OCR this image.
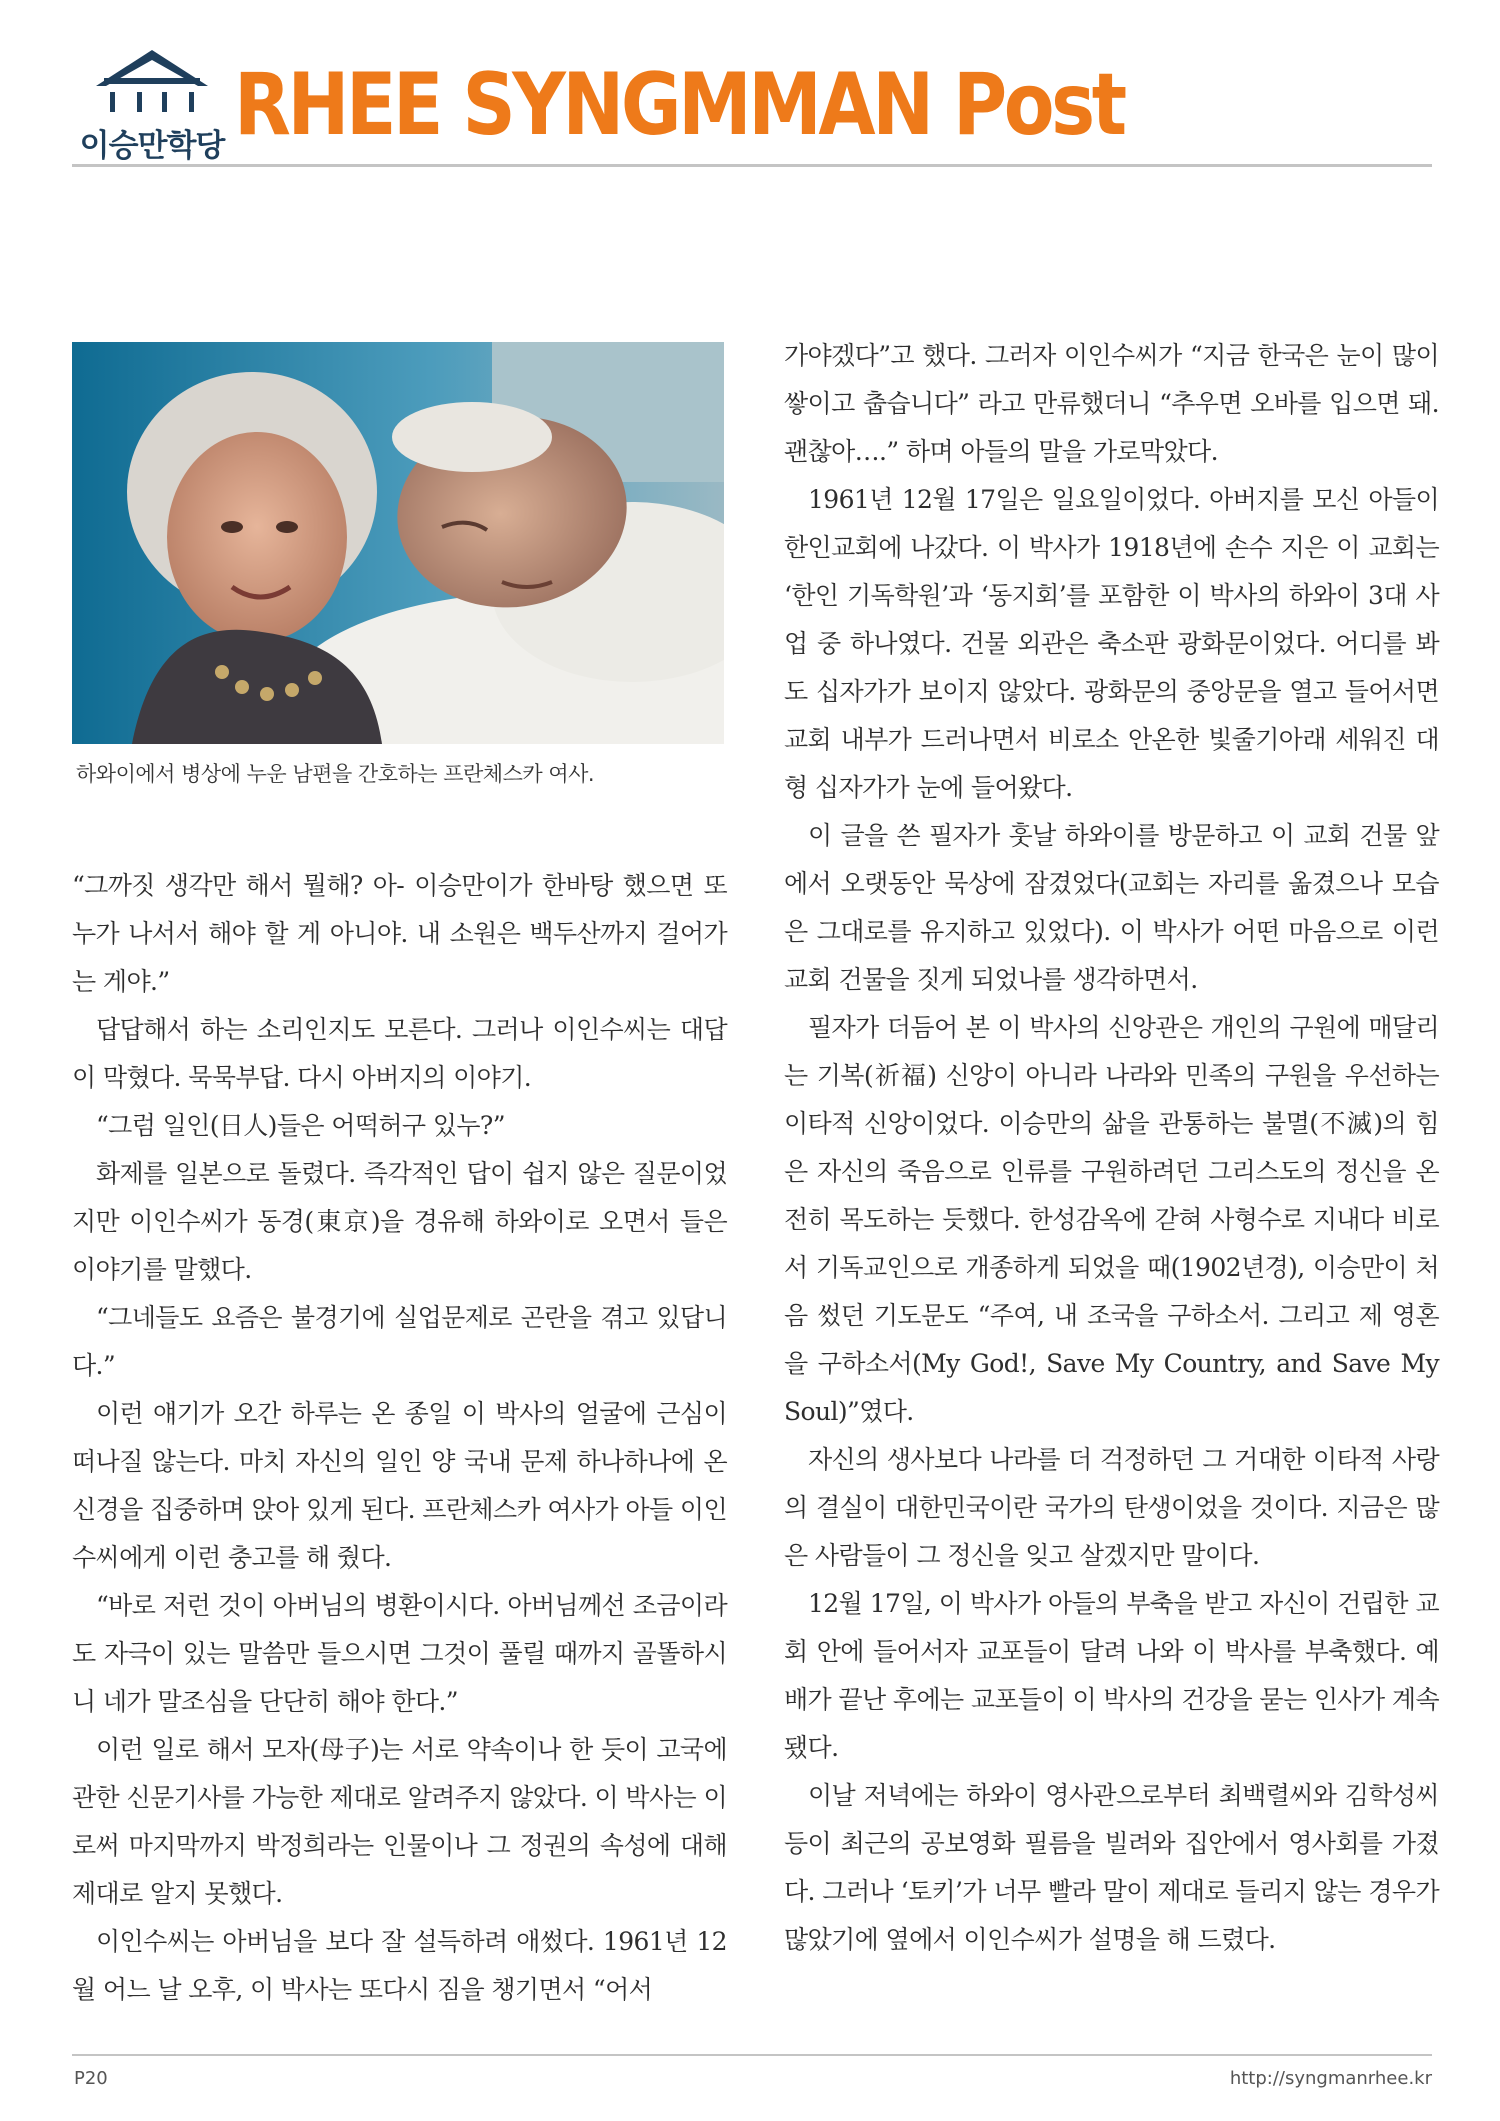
이승만학당 RHEE SYNGMMAN Post
하와이에서 병상에 누운 남편을 간호하는 프란체스카 여사.

“그까짓 생각만 해서 뭘해? 아- 이승만이가 한바탕 했으면 또 누가 나서서 해야 할 게 아니야. 내 소원은 백두산까지 걸어가는 게야.”

답답해서 하는 소리인지도 모른다. 그러나 이인수씨는 대답이 막혔다. 묵묵부답. 다시 아버지의 이야기.

“그럼 일인(日人)들은 어떡허구 있누?”

화제를 일본으로 돌렸다. 즉각적인 답이 쉽지 않은 질문이었지만 이인수씨가 동경(東京)을 경유해 하와이로 오면서 들은 이야기를 말했다.

“그네들도 요즘은 불경기에 실업문제로 곤란을 겪고 있답니다.”

이런 얘기가 오간 하루는 온 종일 이 박사의 얼굴에 근심이 떠나질 않는다. 마치 자신의 일인 양 국내 문제 하나하나에 온 신경을 집중하며 앉아 있게 된다. 프란체스카 여사가 아들 이인수씨에게 이런 충고를 해 줬다.

“바로 저런 것이 아버님의 병환이시다. 아버님께선 조금이라도 자극이 있는 말씀만 들으시면 그것이 풀릴 때까지 골똘하시니 네가 말조심을 단단히 해야 한다.”

이런 일로 해서 모자(母子)는 서로 약속이나 한 듯이 고국에 관한 신문기사를 가능한 제대로 알려주지 않았다. 이 박사는 이로써 마지막까지 박정희라는 인물이나 그 정권의 속성에 대해 제대로 알지 못했다.

이인수씨는 아버님을 보다 잘 설득하려 애썼다. 1961년 12월 어느 날 오후, 이 박사는 또다시 짐을 챙기면서 “어서

가야겠다”고 했다. 그러자 이인수씨가 “지금 한국은 눈이 많이 쌓이고 춥습니다” 라고 만류했더니 “추우면 오바를 입으면 돼. 괜찮아….” 하며 아들의 말을 가로막았다.

1961년 12월 17일은 일요일이었다. 아버지를 모신 아들이 한인교회에 나갔다. 이 박사가 1918년에 손수 지은 이 교회는 ‘한인 기독학원’과 ‘동지회’를 포함한 이 박사의 하와이 3대 사업 중 하나였다. 건물 외관은 축소판 광화문이었다. 어디를 봐도 십자가가 보이지 않았다. 광화문의 중앙문을 열고 들어서면 교회 내부가 드러나면서 비로소 안온한 빛줄기아래 세워진 대형 십자가가 눈에 들어왔다.

이 글을 쓴 필자가 훗날 하와이를 방문하고 이 교회 건물 앞에서 오랫동안 묵상에 잠겼었다(교회는 자리를 옮겼으나 모습은 그대로를 유지하고 있었다). 이 박사가 어떤 마음으로 이런 교회 건물을 짓게 되었나를 생각하면서.

필자가 더듬어 본 이 박사의 신앙관은 개인의 구원에 매달리는 기복(祈福) 신앙이 아니라 나라와 민족의 구원을 우선하는 이타적 신앙이었다. 이승만의 삶을 관통하는 불멸(不滅)의 힘은 자신의 죽음으로 인류를 구원하려던 그리스도의 정신을 온전히 목도하는 듯했다. 한성감옥에 갇혀 사형수로 지내다 비로서 기독교인으로 개종하게 되었을 때(1902년경), 이승만이 처음 썼던 기도문도 “주여, 내 조국을 구하소서. 그리고 제 영혼을 구하소서(My God!, Save My Country, and Save My Soul)”였다.

자신의 생사보다 나라를 더 걱정하던 그 거대한 이타적 사랑의 결실이 대한민국이란 국가의 탄생이었을 것이다. 지금은 많은 사람들이 그 정신을 잊고 살겠지만 말이다.

12월 17일, 이 박사가 아들의 부축을 받고 자신이 건립한 교회 안에 들어서자 교포들이 달려 나와 이 박사를 부축했다. 예배가 끝난 후에는 교포들이 이 박사의 건강을 묻는 인사가 계속됐다.

이날 저녁에는 하와이 영사관으로부터 최백렬씨와 김학성씨 등이 최근의 공보영화 필름을 빌려와 집안에서 영사회를 가졌다. 그러나 ‘토키’가 너무 빨라 말이 제대로 들리지 않는 경우가 많았기에 옆에서 이인수씨가 설명을 해 드렸다.

P20	http://syngmanrhee.kr
